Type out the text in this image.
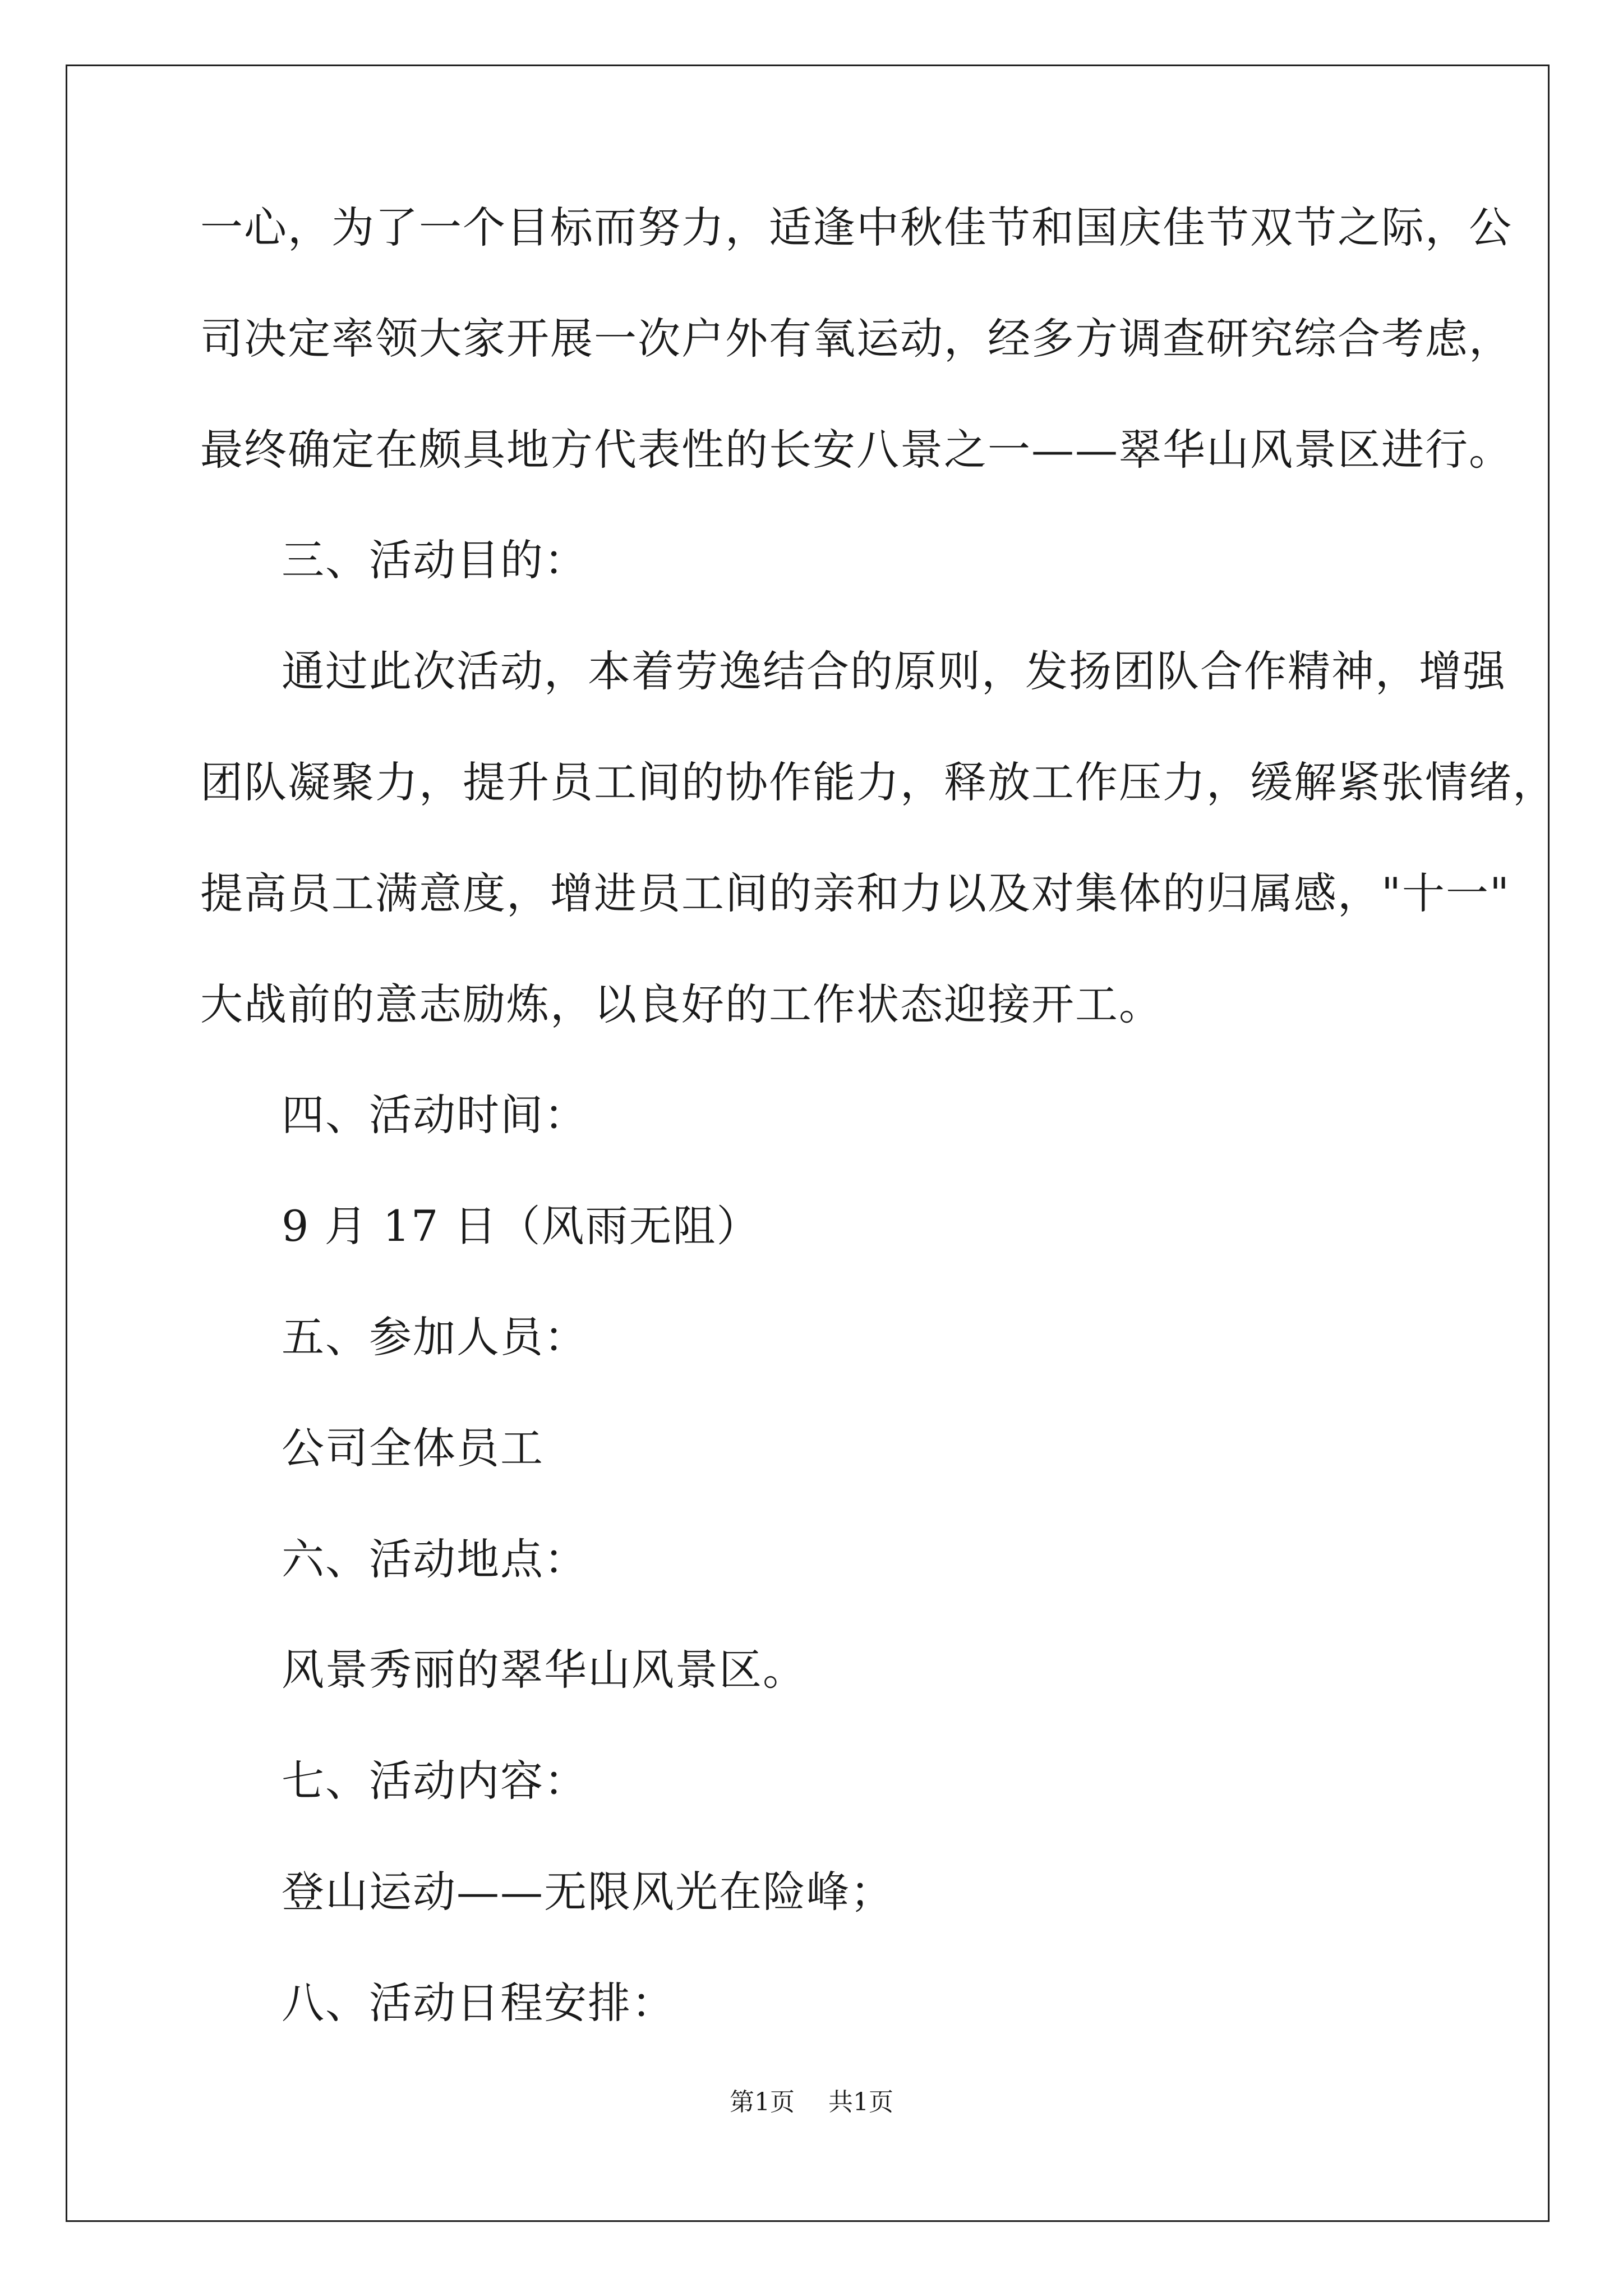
一心，为了一个目标而努力，适逢中秋佳节和国庆佳节双节之际，公
司决定率领大家开展一次户外有氧运动，经多方调查研究综合考虑，
最终确定在颇具地方代表性的长安八景之一——翠华山风景区进行。
三、活动目的：
通过此次活动，本着劳逸结合的原则，发扬团队合作精神，增强
团队凝聚力，提升员工间的协作能力，释放工作压力，缓解紧张情绪，
提高员工满意度，增进员工间的亲和力以及对集体的归属感，"十一"
大战前的意志励炼，以良好的工作状态迎接开工。
四、活动时间：
9 月 17 日（风雨无阻）
五、参加人员：
公司全体员工
六、活动地点：
风景秀丽的翠华山风景区。
七、活动内容：
登山运动——无限风光在险峰；
八、活动日程安排：
第1页 共1页
